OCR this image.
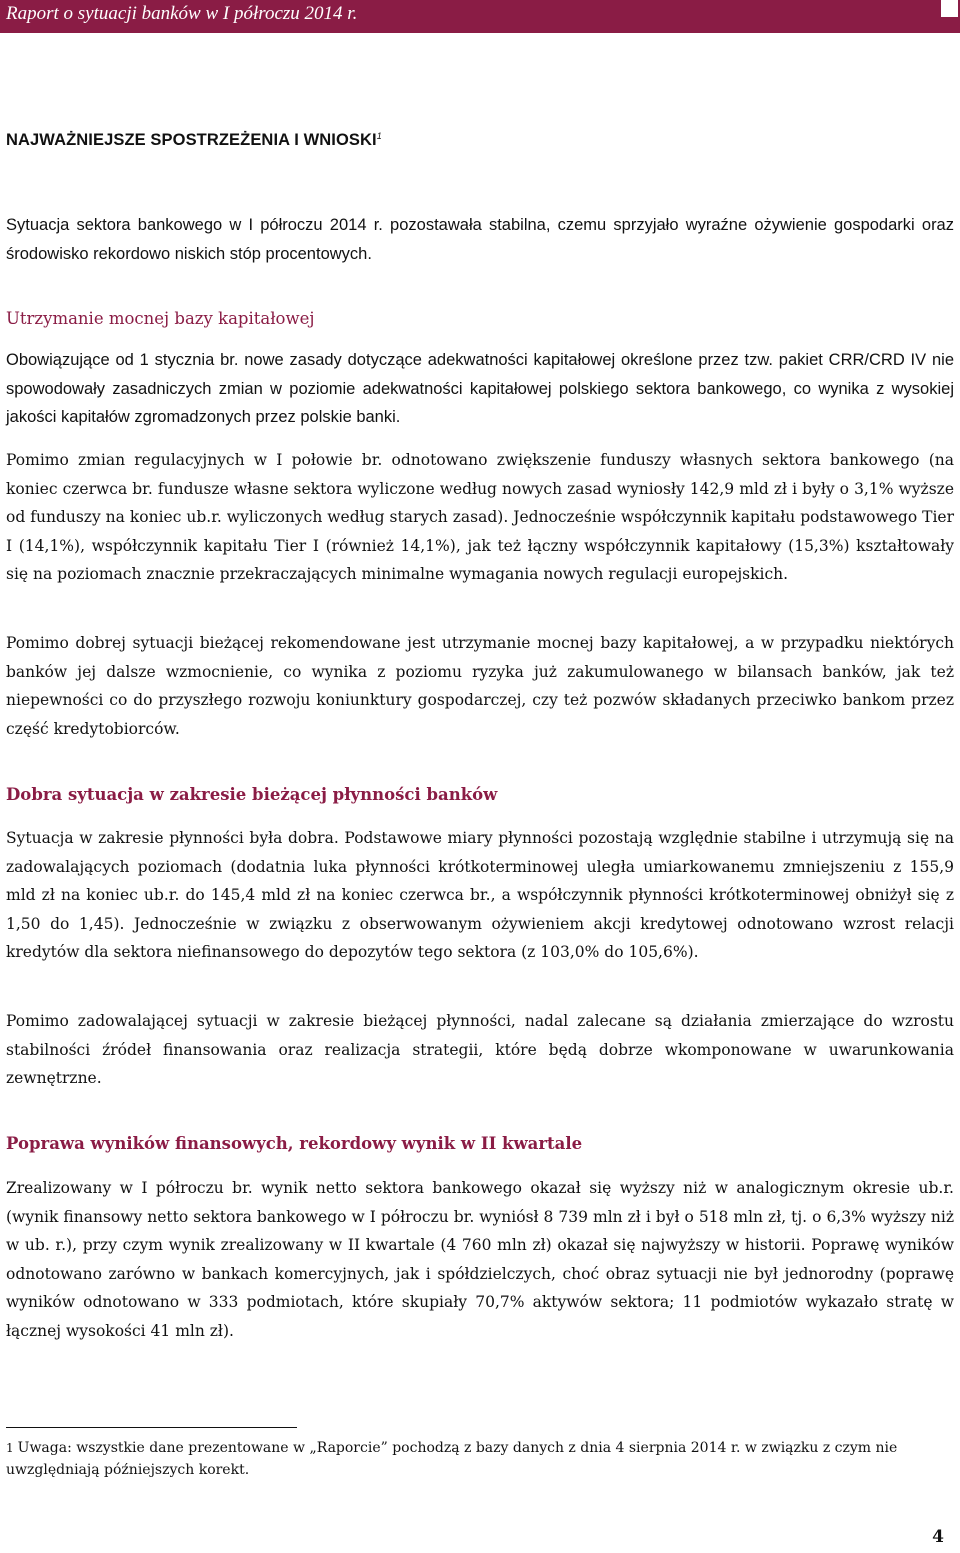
Raport o sytuacji banków w I półroczu 2014 r.
NAJWAŻNIEJSZE SPOSTRZEŻENIA I WNIOSKI$^1$

Sytuacja sektora bankowego w I półroczu 2014 r. pozostawała stabilna, czemu sprzyjało wyraźne ożywienie gospodarki oraz środowisko rekordowo niskich stóp procentowych.

Utrzymanie mocnej bazy kapitałowej

Obowiązujące od 1 stycznia br. nowe zasady dotyczące adekwatności kapitałowej określone przez tzw. pakiet CRR/CRD IV nie spowodowały zasadniczych zmian w poziomie adekwatności kapitałowej polskiego sektora bankowego, co wynika z wysokiej jakości kapitałów zgromadzonych przez polskie banki.

Pomimo zmian regulacyjnych w I połowie br. odnotowano zwiększenie funduszy własnych sektora bankowego (na koniec czerwca br. fundusze własne sektora wyliczone według nowych zasad wyniosły 142,9 mld zł i były o 3,1% wyższe od funduszy na koniec ub.r. wyliczonych według starych zasad). Jednocześnie współczynnik kapitału podstawowego Tier I (14,1%), współczynnik kapitału Tier I (również 14,1%), jak też łączny współczynnik kapitałowy (15,3%) kształtowały się na poziomach znacznie przekraczających minimalne wymagania nowych regulacji europejskich.

Pomimo dobrej sytuacji bieżącej rekomendowane jest utrzymanie mocnej bazy kapitałowej, a w przypadku niektórych banków jej dalsze wzmocnienie, co wynika z poziomu ryzyka już zakumulowanego w bilansach banków, jak też niepewności co do przyszłego rozwoju koniunktury gospodarczej, czy też pozwów składanych przeciwko bankom przez część kredytobiorców.

Dobra sytuacja w zakresie bieżącej płynności banków

Sytuacja w zakresie płynności była dobra. Podstawowe miary płynności pozostają względnie stabilne i utrzymują się na zadowalających poziomach (dodatnia luka płynności krótkoterminowej uległa umiarkowanemu zmniejszeniu z 155,9 mld zł na koniec ub.r. do 145,4 mld zł na koniec czerwca br., a współczynnik płynności krótkoterminowej obniżył się z 1,50 do 1,45). Jednocześnie w związku z obserwowanym ożywieniem akcji kredytowej odnotowano wzrost relacji kredytów dla sektora niefinansowego do depozytów tego sektora (z 103,0% do 105,6%).

Pomimo zadowalającej sytuacji w zakresie bieżącej płynności, nadal zalecane są działania zmierzające do wzrostu stabilności źródeł finansowania oraz realizacja strategii, które będą dobrze wkomponowane w uwarunkowania zewnętrzne.

Poprawa wyników finansowych, rekordowy wynik w II kwartale

Zrealizowany w I półroczu br. wynik netto sektora bankowego okazał się wyższy niż w analogicznym okresie ub.r. (wynik finansowy netto sektora bankowego w I półroczu br. wyniósł 8 739 mln zł i był o 518 mln zł, tj. o 6,3% wyższy niż w ub. r.), przy czym wynik zrealizowany w II kwartale (4 760 mln zł) okazał się najwyższy w historii. Poprawę wyników odnotowano zarówno w bankach komercyjnych, jak i spółdzielczych, choć obraz sytuacji nie był jednorodny (poprawę wyników odnotowano w 333 podmiotach, które skupiały 70,7% aktywów sektora; 11 podmiotów wykazało stratę w łącznej wysokości 41 mln zł).

1 Uwaga: wszystkie dane prezentowane w „Raporcie” pochodzą z bazy danych z dnia 4 sierpnia 2014 r. w związku z czym nie uwzględniają późniejszych korekt.

4
